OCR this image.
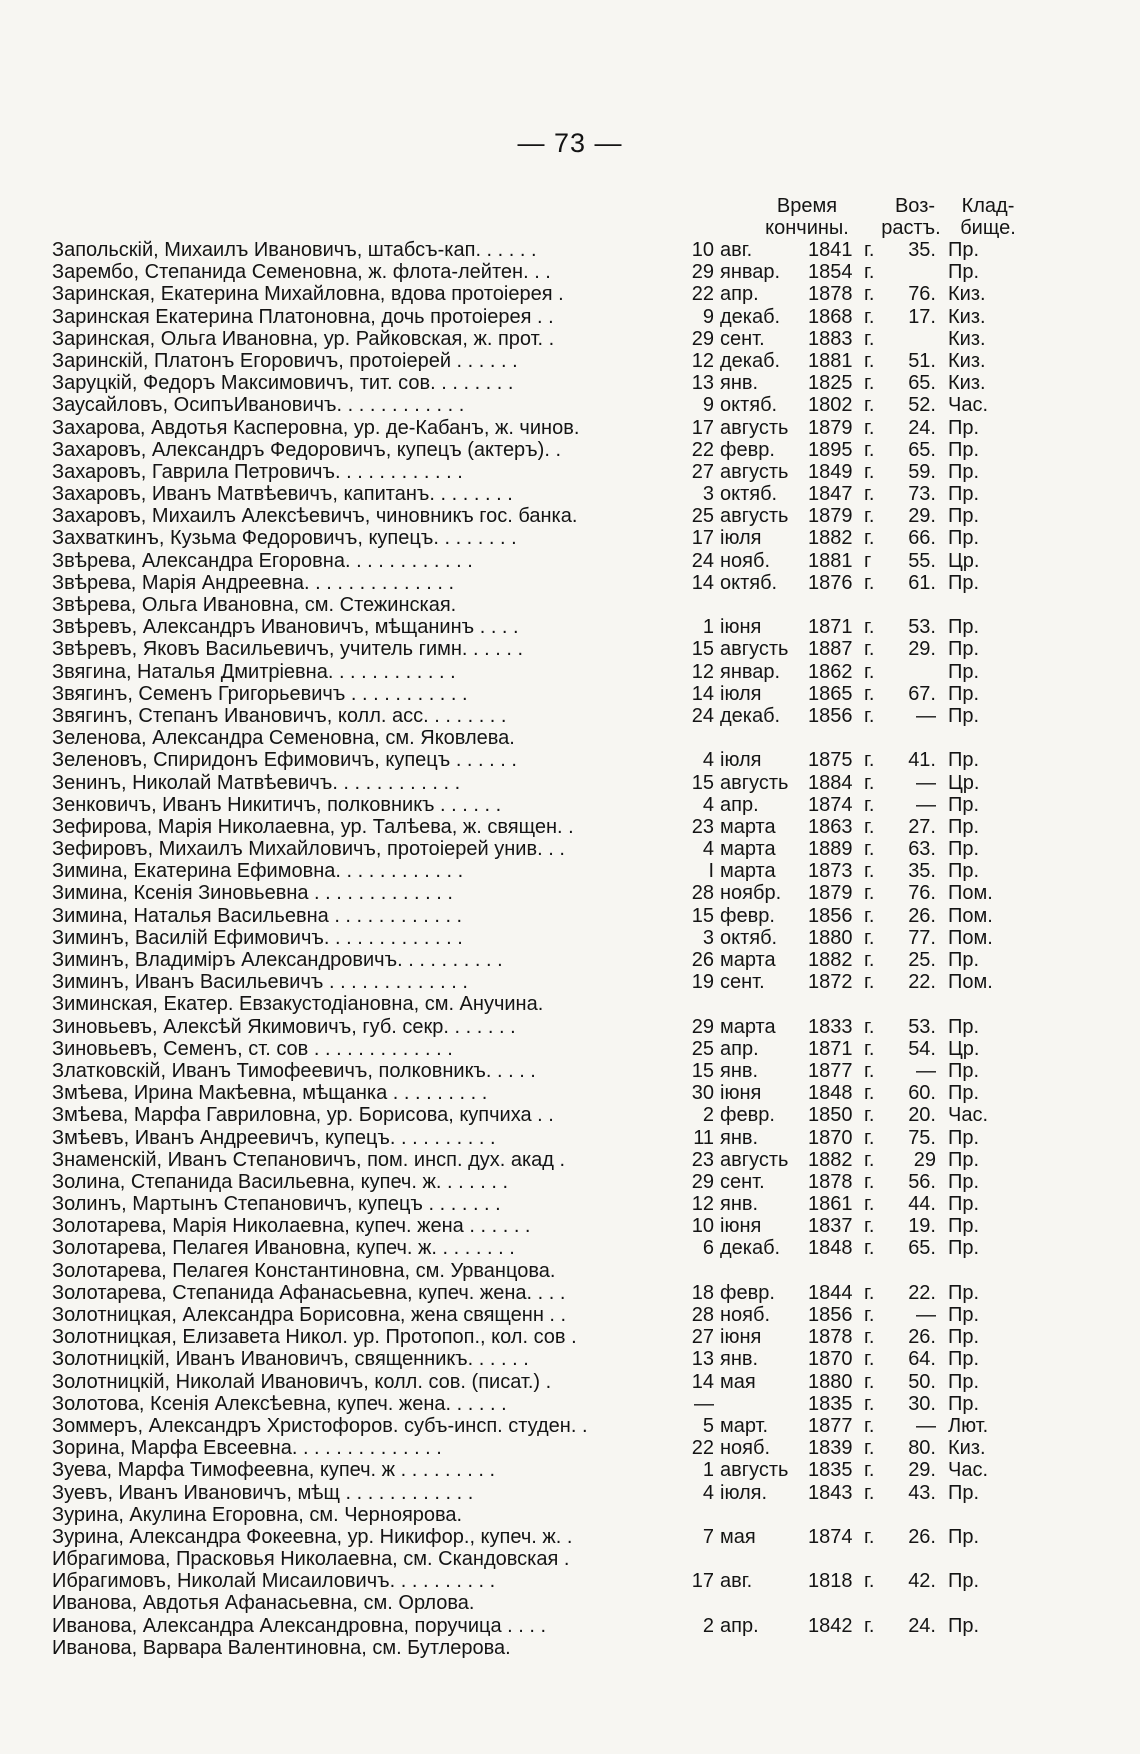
— 73 —
Время
кончины.
Воз-
растъ.
Клад-
бище.
Запольскій, Михаилъ Ивановичъ, штабсъ-кап. . . . . .	10 авг.	1841 г.	35. Пр.
Зарембо, Степанида Семеновна, ж. флота-лейтен. . .	29 январ.	1854 г.	Пр.
Заринская, Екатерина Михайловна, вдова протоіерея .	22 апр.	1878 г.	76. Киз.
Заринская Екатерина Платоновна, дочь протоіерея . .	9 декаб.	1868 г.	17. Киз.
Заринская, Ольга Ивановна, ур. Райковская, ж. прот. .	29 сент.	1883 г.	Киз.
Заринскій, Платонъ Егоровичъ, протоіерей . . . . . .	12 декаб.	1881 г.	51. Киз.
Заруцкій, Федоръ Максимовичъ, тит. сов. . . . . . . .	13 янв.	1825 г.	65. Киз.
Заусайловъ, ОсипъИвановичъ. . . . . . . . . . . .	9 октяб.	1802 г.	52. Час.
Захарова, Авдотья Касперовна, ур. де-Кабанъ, ж. чинов.	17 августь 1879 г.	24. Пр.
Захаровъ, Александръ Федоровичъ, купецъ (актеръ). .	22 февр.	1895 г.	65. Пр.
Захаровъ, Гаврила Петровичъ. . . . . . . . . . . .	27 августь 1849 г.	59. Пр.
Захаровъ, Иванъ Матвѣевичъ, капитанъ. . . . . . . .	3 октяб.	1847 г.	73. Пр.
Захаровъ, Михаилъ Алексѣевичъ, чиновникъ гос. банка.	25 августь 1879 г.	29. Пр.
Захваткинъ, Кузьма Федоровичъ, купецъ. . . . . . . .	17 іюля	1882 г.	66. Пр.
Звѣрева, Александра Егоровна. . . . . . . . . . . .	24 нояб.	1881 г	55. Цр.
Звѣрева, Марія Андреевна. . . . . . . . . . . . . .	14 октяб.	1876 г.	61. Пр.
Звѣрева, Ольга Ивановна, см. Стежинская.
Звѣревъ, Александръ Ивановичъ, мѣщанинъ . . . .	1 іюня	1871 г.	53. Пр.
Звѣревъ, Яковъ Васильевичъ, учитель гимн. . . . . .	15 августь 1887 г.	29. Пр.
Звягина, Наталья Дмитріевна. . . . . . . . . . . .	12 январ.	1862 г.	Пр.
Звягинъ, Семенъ Григорьевичъ . . . . . . . . . . .	14 іюля	1865 г.	67. Пр.
Звягинъ, Степанъ Ивановичъ, колл. асс. . . . . . . .	24 декаб.	1856 г.	— Пр.
Зеленова, Александра Семеновна, см. Яковлева.
Зеленовъ, Спиридонъ Ефимовичъ, купецъ . . . . . .	4 іюля	1875 г.	41. Пр.
Зенинъ, Николай Матвѣевичъ. . . . . . . . . . . .	15 августь 1884 г.	— Цр.
Зенковичъ, Иванъ Никитичъ, полковникъ . . . . . .	4 апр.	1874 г.	— Пр.
Зефирова, Марія Николаевна, ур. Талѣева, ж. священ. .	23 марта	1863 г.	27. Пр.
Зефировъ, Михаилъ Михайловичъ, протоіерей унив. . .	4 марта	1889 г.	63. Пр.
Зимина, Екатерина Ефимовна. . . . . . . . . . . .	I марта	1873 г.	35. Пр.
Зимина, Ксенія Зиновьевна . . . . . . . . . . . . .	28 ноябр.	1879 г.	76. Пом.
Зимина, Наталья Васильевна . . . . . . . . . . . .	15 февр.	1856 г.	26. Пом.
Зиминъ, Василій Ефимовичъ. . . . . . . . . . . . .	3 октяб.	1880 г.	77. Пом.
Зиминъ, Владиміръ Александровичъ. . . . . . . . . .	26 марта	1882 г.	25. Пр.
Зиминъ, Иванъ Васильевичъ . . . . . . . . . . . . .	19 сент.	1872 г.	22. Пом.
Зиминская, Екатер. Евзакустодіановна, см. Анучина.
Зиновьевъ, Алексѣй Якимовичъ, губ. секр. . . . . . .	29 марта	1833 г.	53. Пр.
Зиновьевъ, Семенъ, ст. сов . . . . . . . . . . . . .	25 апр.	1871 г.	54. Цр.
Златковскій, Иванъ Тимофеевичъ, полковникъ. . . . .	15 янв.	1877 г.	— Пр.
Змѣева, Ирина Макѣевна, мѣщанка . . . . . . . . .	30 іюня	1848 г.	60. Пр.
Змѣева, Марфа Гавриловна, ур. Борисова, купчиха . .	2 февр.	1850 г.	20. Час.
Змѣевъ, Иванъ Андреевичъ, купецъ. . . . . . . . . .	11 янв.	1870 г.	75. Пр.
Знаменскій, Иванъ Степановичъ, пом. инсп. дух. акад .	23 августь 1882 г.	29 Пр.
Золина, Степанида Васильевна, купеч. ж. . . . . . .	29 сент.	1878 г.	56. Пр.
Золинъ, Мартынъ Степановичъ, купецъ . . . . . . .	12 янв.	1861 г.	44. Пр.
Золотарева, Марія Николаевна, купеч. жена . . . . . .	10 іюня	1837 г.	19. Пр.
Золотарева, Пелагея Ивановна, купеч. ж. . . . . . . .	6 декаб.	1848 г.	65. Пр.
Золотарева, Пелагея Константиновна, см. Урванцова.
Золотарева, Степанида Афанасьевна, купеч. жена. . . .	18 февр.	1844 г.	22. Пр.
Золотницкая, Александра Борисовна, жена священн . .	28 нояб.	1856 г.	— Пр.
Золотницкая, Елизавета Никол. ур. Протопоп., кол. сов .	27 іюня	1878 г.	26. Пр.
Золотницкій, Иванъ Ивановичъ, священникъ. . . . . .	13 янв.	1870 г.	64. Пр.
Золотницкій, Николай Ивановичъ, колл. сов. (писат.) .	14 мая	1880 г.	50. Пр.
Золотова, Ксенія Алексѣевна, купеч. жена. . . . . .	—	1835 г.	30. Пр.
Зоммеръ, Александръ Христофоров. субъ-инсп. студен. .	5 март.	1877 г.	— Лют.
Зорина, Марфа Евсеевна. . . . . . . . . . . . . .	22 нояб.	1839 г.	80. Киз.
Зуева, Марфа Тимофеевна, купеч. ж . . . . . . . . .	1 августь 1835 г.	29. Час.
Зуевъ, Иванъ Ивановичъ, мѣщ . . . . . . . . . . . .	4 іюля.	1843 г.	43. Пр.
Зурина, Акулина Егоровна, см. Черноярова.
Зурина, Александра Фокеевна, ур. Никифор., купеч. ж. .	7 мая	1874 г.	26. Пр.
Ибрагимова, Прасковья Николаевна, см. Скандовская .
Ибрагимовъ, Николай Мисаиловичъ. . . . . . . . . .	17 авг.	1818 г.	42. Пр.
Иванова, Авдотья Афанасьевна, см. Орлова.
Иванова, Александра Александровна, поручица . . . .	2 апр.	1842 г.	24. Пр.
Иванова, Варвара Валентиновна, см. Бутлерова.
